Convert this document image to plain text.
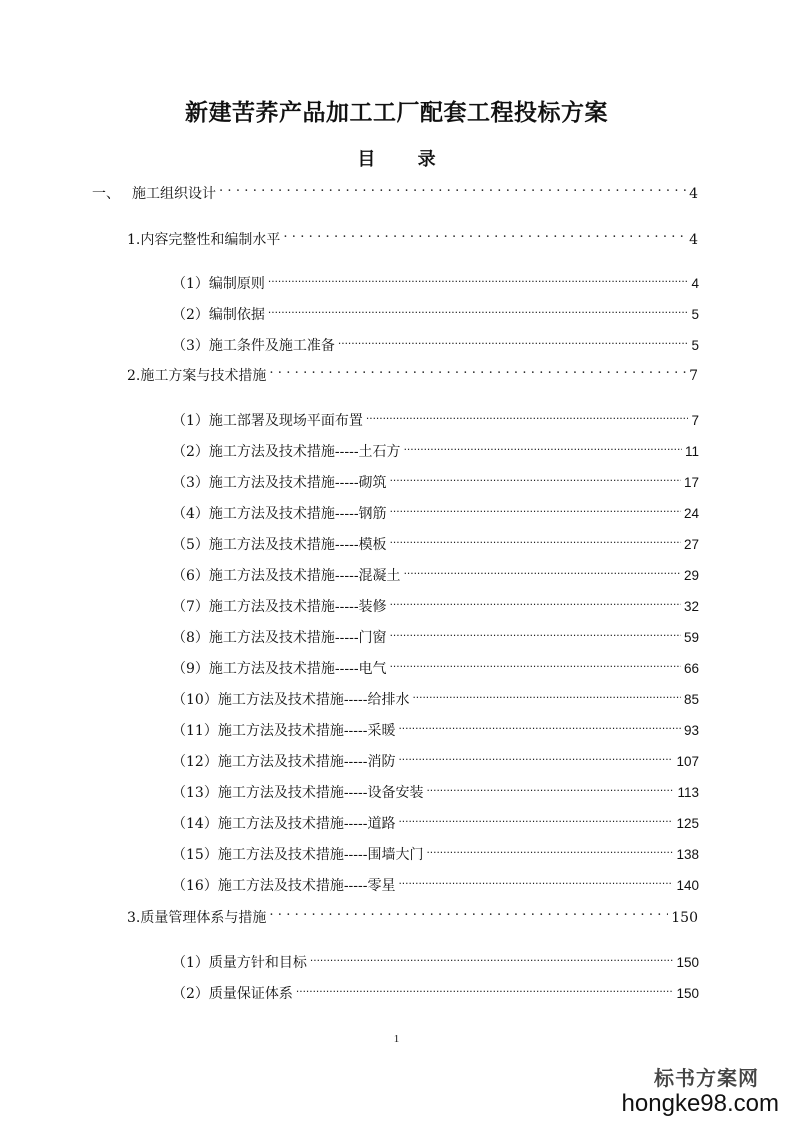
新建苦荞产品加工工厂配套工程投标方案
目 录
一、 施工组织设计 .....	4
1.内容完整性和编制水平 .....	4
（1）编制原则 .....	4
（2）编制依据 .....	5
（3）施工条件及施工准备 .....	5
2.施工方案与技术措施 .....	7
（1）施工部署及现场平面布置 .....	7
（2）施工方法及技术措施-----土石方 .....	11
（3）施工方法及技术措施-----砌筑 .....	17
（4）施工方法及技术措施-----钢筋 .....	24
（5）施工方法及技术措施-----模板 .....	27
（6）施工方法及技术措施-----混凝土 .....	29
（7）施工方法及技术措施-----装修 .....	32
（8）施工方法及技术措施-----门窗 .....	59
（9）施工方法及技术措施-----电气 .....	66
（10）施工方法及技术措施-----给排水 .....	85
（11）施工方法及技术措施-----采暖 .....	93
（12）施工方法及技术措施-----消防 .....	107
（13）施工方法及技术措施-----设备安装 .....	113
（14）施工方法及技术措施-----道路 .....	125
（15）施工方法及技术措施-----围墙大门 .....	138
（16）施工方法及技术措施-----零星 .....	140
3.质量管理体系与措施 .....	150
（1）质量方针和目标 .....	150
（2）质量保证体系 .....	150
1
标书方案网
hongke98.com
